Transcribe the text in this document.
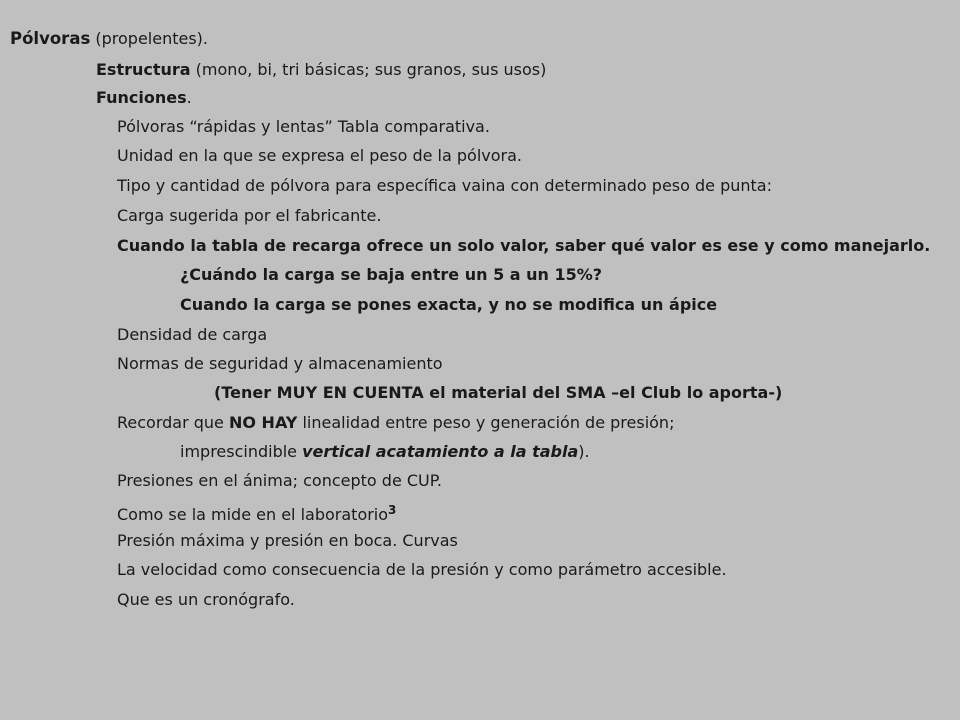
Pólvoras (propelentes).
Estructura (mono, bi, tri básicas; sus granos, sus usos)
Funciones.
Pólvoras “rápidas y lentas” Tabla comparativa.
Unidad en la que se expresa el peso de la pólvora.
Tipo y cantidad de pólvora para específica vaina con determinado peso de punta:
Carga sugerida por el fabricante.
Cuando la tabla de recarga ofrece un solo valor, saber qué valor es ese y como manejarlo.
¿Cuándo la carga se baja entre un 5 a un 15%?
Cuando la carga se pones exacta, y no se modifica un ápice
Densidad de carga
Normas de seguridad y almacenamiento
(Tener MUY EN CUENTA el material del SMA –el Club lo aporta-)
Recordar que NO HAY linealidad entre peso y generación de presión;
imprescindible vertical acatamiento a la tabla).
Presiones en el ánima; concepto de CUP.
Como se la mide en el laboratorio$^3$
Presión máxima y presión en boca. Curvas
La velocidad como consecuencia de la presión y como parámetro accesible.
Que es un cronógrafo.
